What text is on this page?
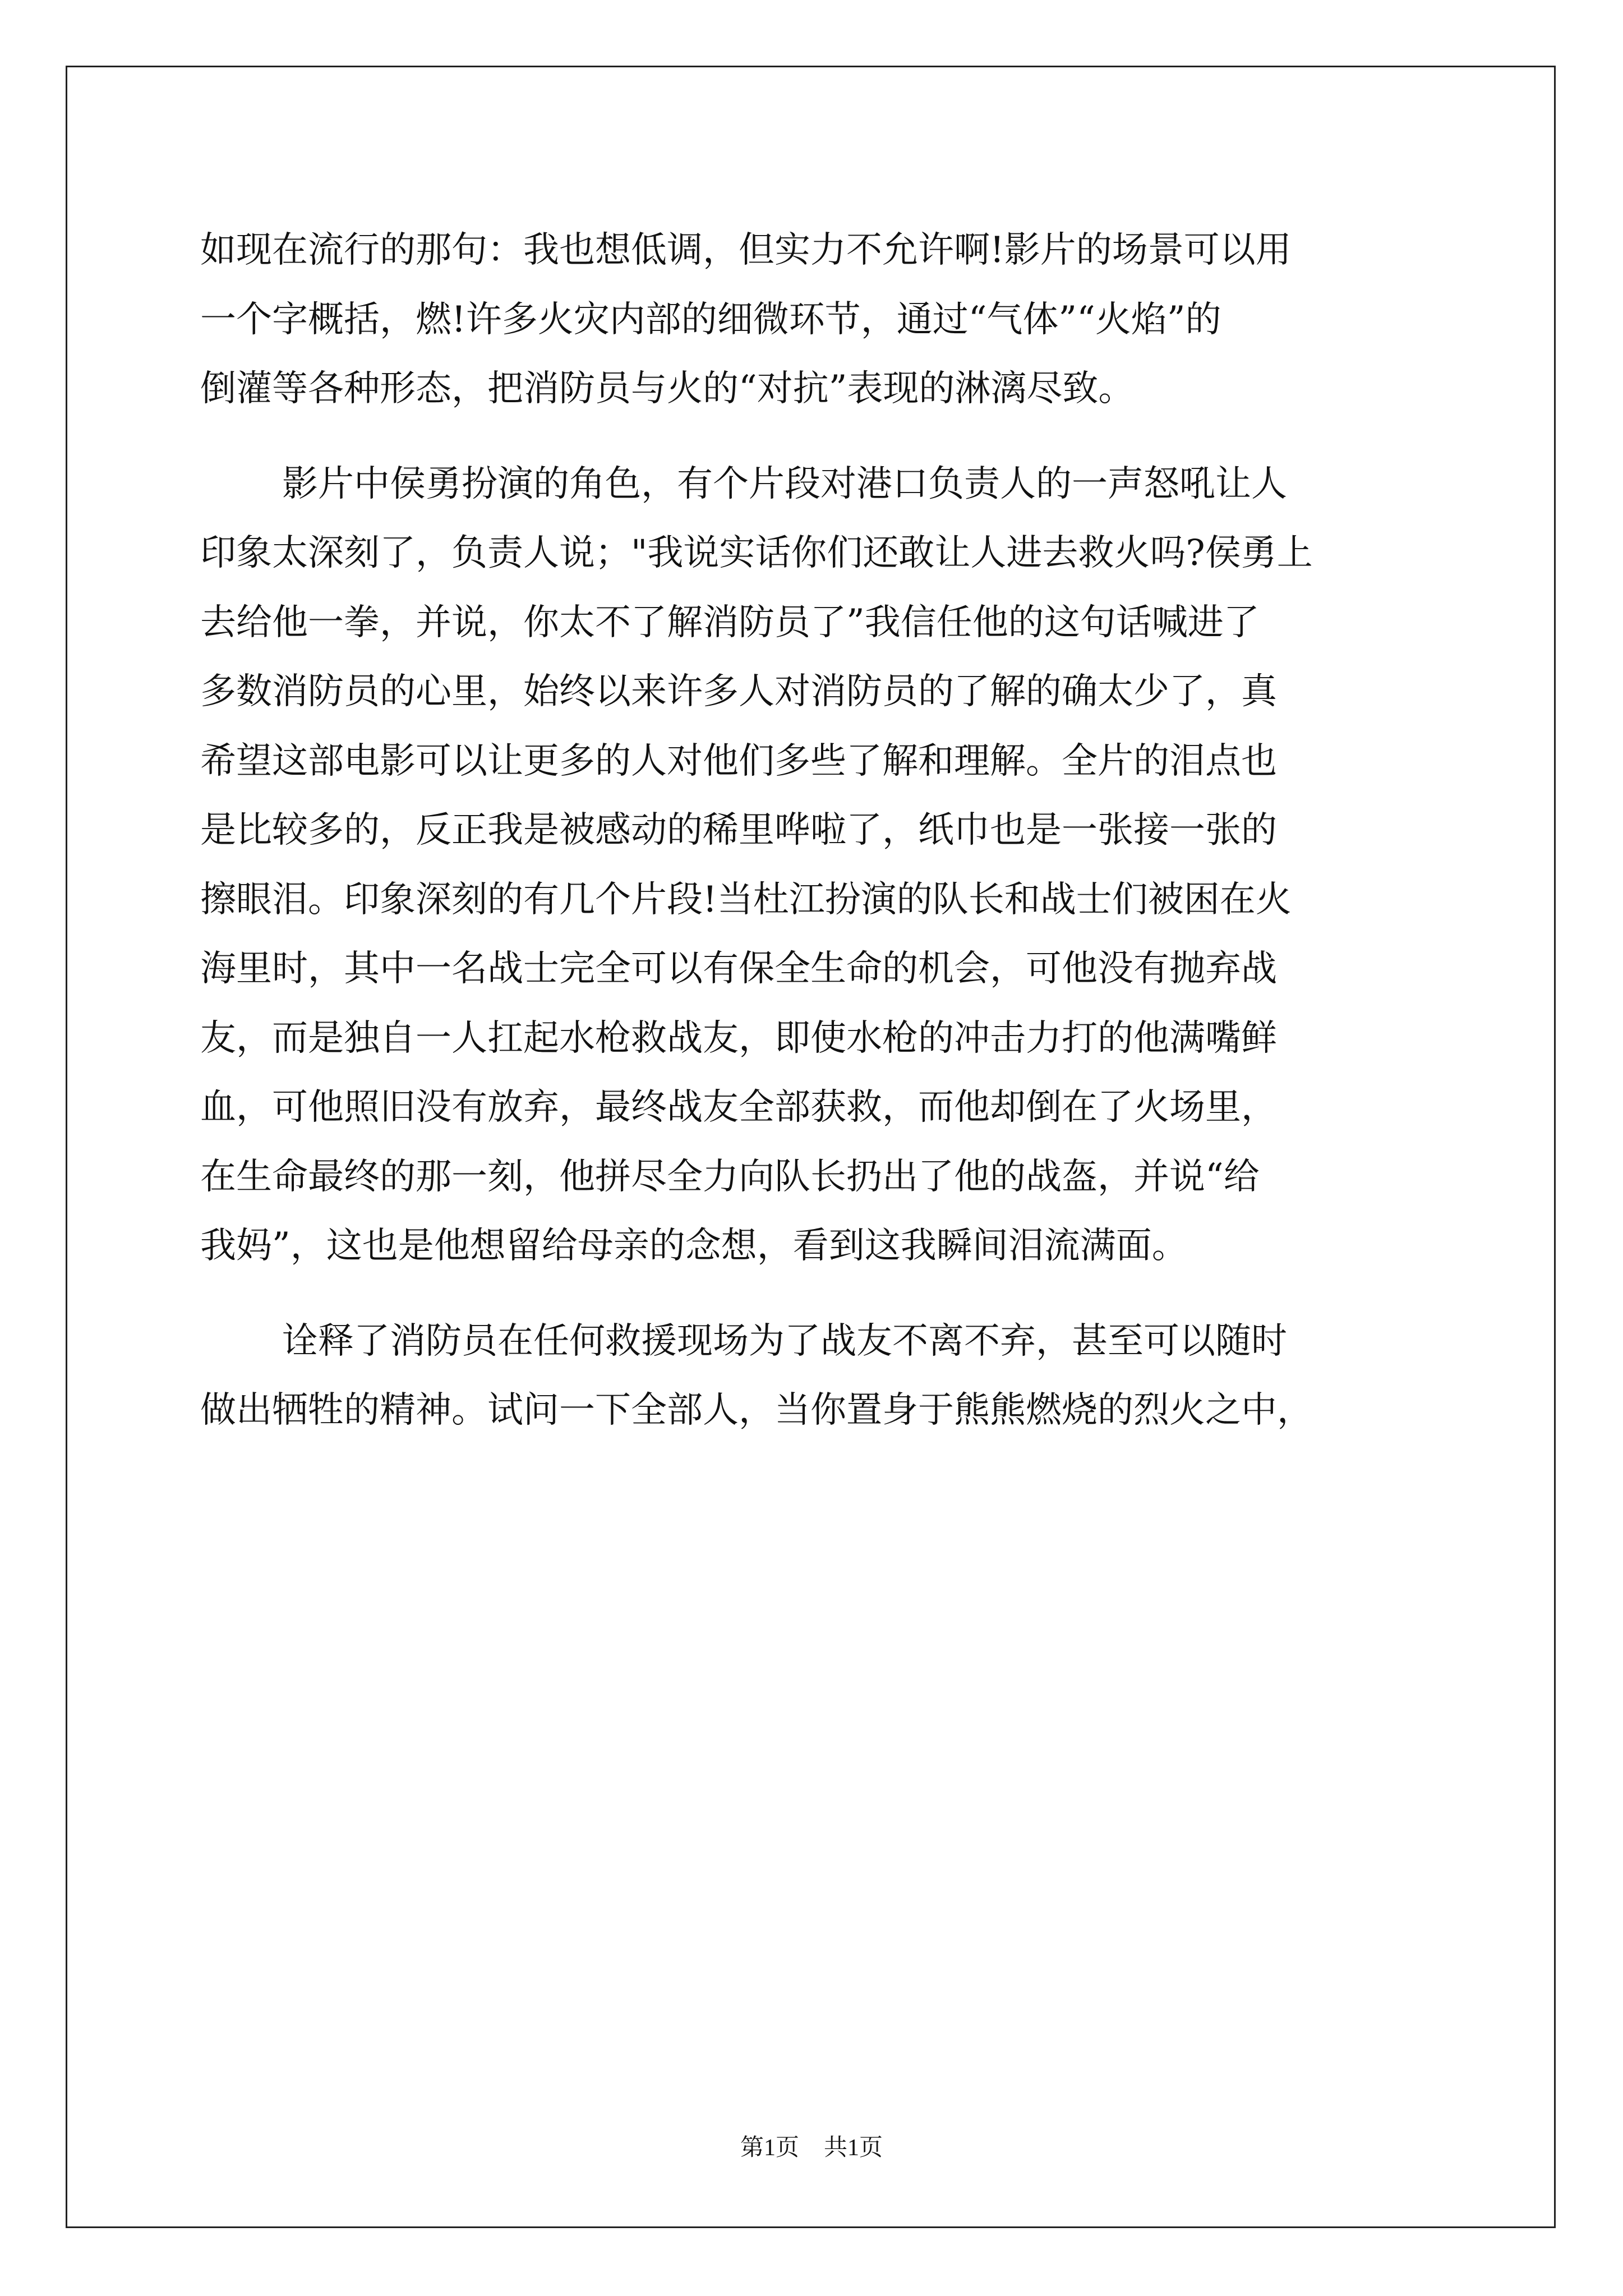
如现在流行的那句：我也想低调，但实力不允许啊!影片的场景可以用
一个字概括，燃!许多火灾内部的细微环节，通过“气体”“火焰”的
倒灌等各种形态，把消防员与火的“对抗”表现的淋漓尽致。
影片中侯勇扮演的角色，有个片段对港口负责人的一声怒吼让人
印象太深刻了，负责人说；"我说实话你们还敢让人进去救火吗?侯勇上
去给他一拳，并说，你太不了解消防员了”我信任他的这句话喊进了
多数消防员的心里，始终以来许多人对消防员的了解的确太少了，真
希望这部电影可以让更多的人对他们多些了解和理解。全片的泪点也
是比较多的，反正我是被感动的稀里哗啦了，纸巾也是一张接一张的
擦眼泪。印象深刻的有几个片段!当杜江扮演的队长和战士们被困在火
海里时，其中一名战士完全可以有保全生命的机会，可他没有抛弃战
友，而是独自一人扛起水枪救战友，即使水枪的冲击力打的他满嘴鲜
血，可他照旧没有放弃，最终战友全部获救，而他却倒在了火场里，
在生命最终的那一刻，他拼尽全力向队长扔出了他的战盔，并说“给
我妈”，这也是他想留给母亲的念想，看到这我瞬间泪流满面。
诠释了消防员在任何救援现场为了战友不离不弃，甚至可以随时
做出牺牲的精神。试问一下全部人，当你置身于熊熊燃烧的烈火之中，
第1页 共1页
